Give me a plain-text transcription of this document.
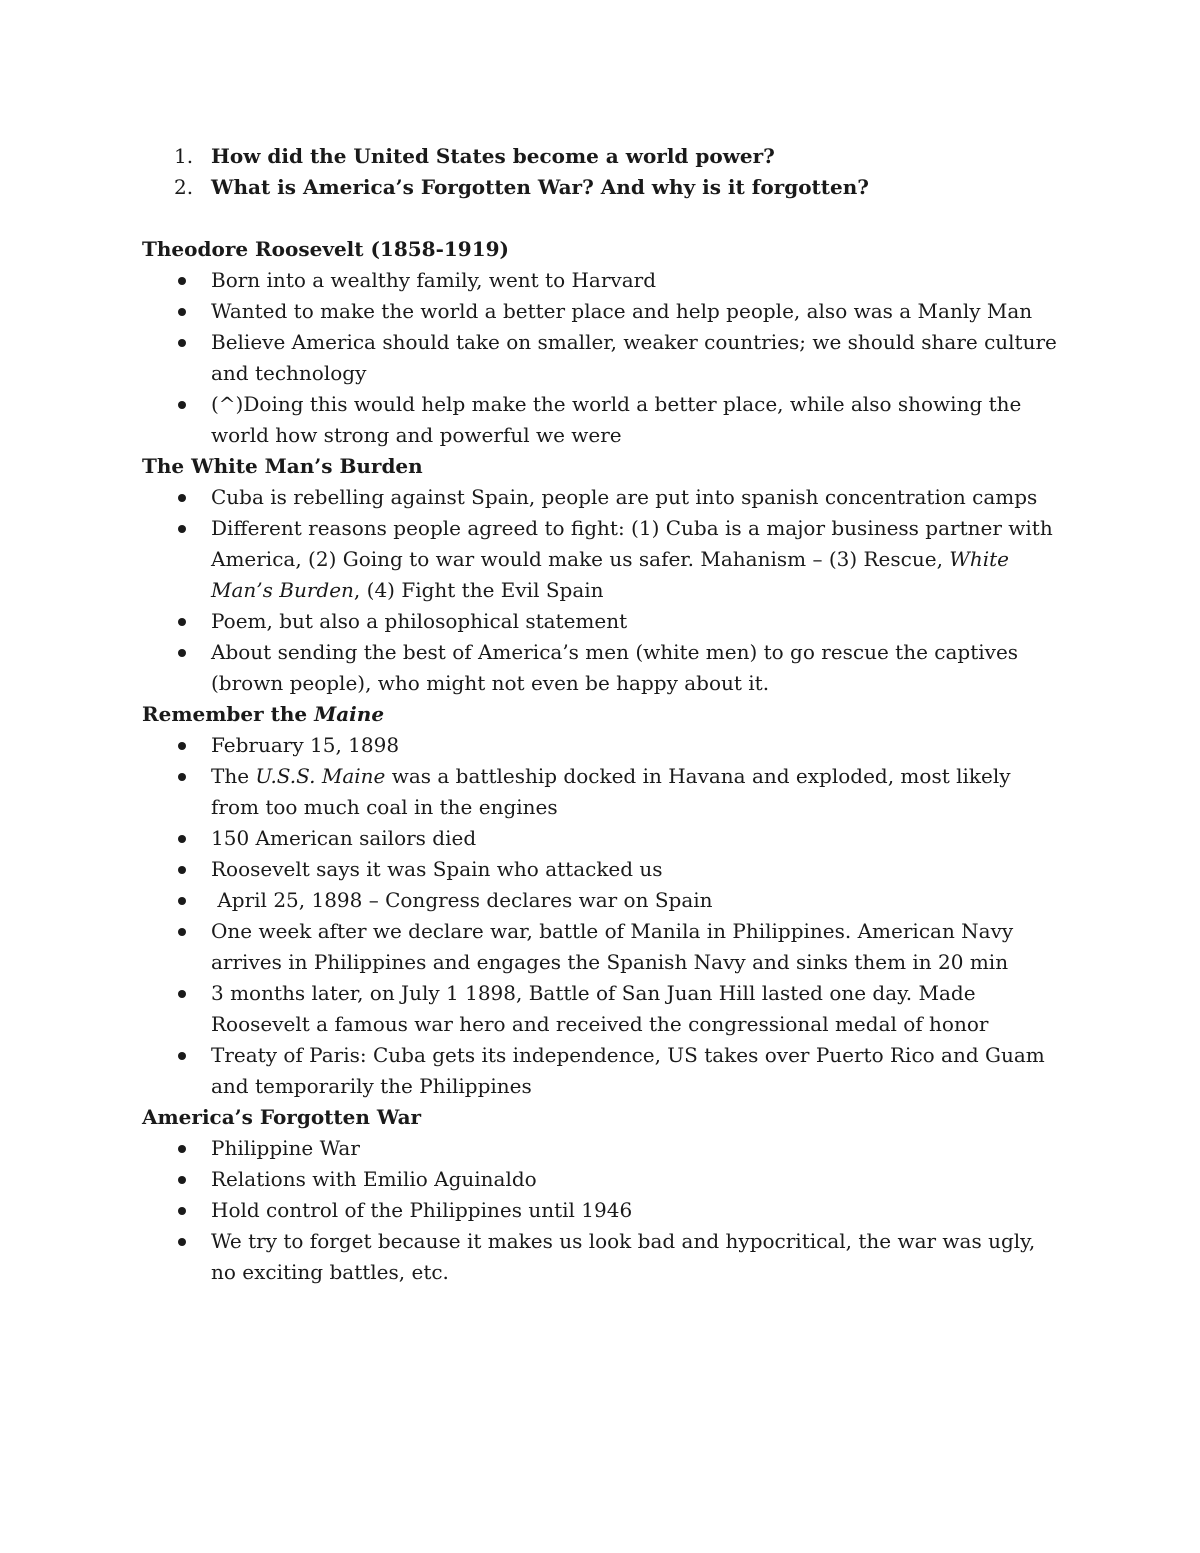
1. How did the United States become a world power?
2. What is America’s Forgotten War? And why is it forgotten?
Theodore Roosevelt (1858-1919)
Born into a wealthy family, went to Harvard
Wanted to make the world a better place and help people, also was a Manly Man
Believe America should take on smaller, weaker countries; we should share culture and technology
(^)Doing this would help make the world a better place, while also showing the world how strong and powerful we were
The White Man’s Burden
Cuba is rebelling against Spain, people are put into spanish concentration camps
Different reasons people agreed to fight: (1) Cuba is a major business partner with America, (2) Going to war would make us safer. Mahanism – (3) Rescue, White Man’s Burden, (4) Fight the Evil Spain
Poem, but also a philosophical statement
About sending the best of America’s men (white men) to go rescue the captives (brown people), who might not even be happy about it.
Remember the Maine
February 15, 1898
The U.S.S. Maine was a battleship docked in Havana and exploded, most likely from too much coal in the engines
150 American sailors died
Roosevelt says it was Spain who attacked us
April 25, 1898 – Congress declares war on Spain
One week after we declare war, battle of Manila in Philippines. American Navy arrives in Philippines and engages the Spanish Navy and sinks them in 20 min
3 months later, on July 1 1898, Battle of San Juan Hill lasted one day. Made Roosevelt a famous war hero and received the congressional medal of honor
Treaty of Paris: Cuba gets its independence, US takes over Puerto Rico and Guam and temporarily the Philippines
America’s Forgotten War
Philippine War
Relations with Emilio Aguinaldo
Hold control of the Philippines until 1946
We try to forget because it makes us look bad and hypocritical, the war was ugly, no exciting battles, etc.
